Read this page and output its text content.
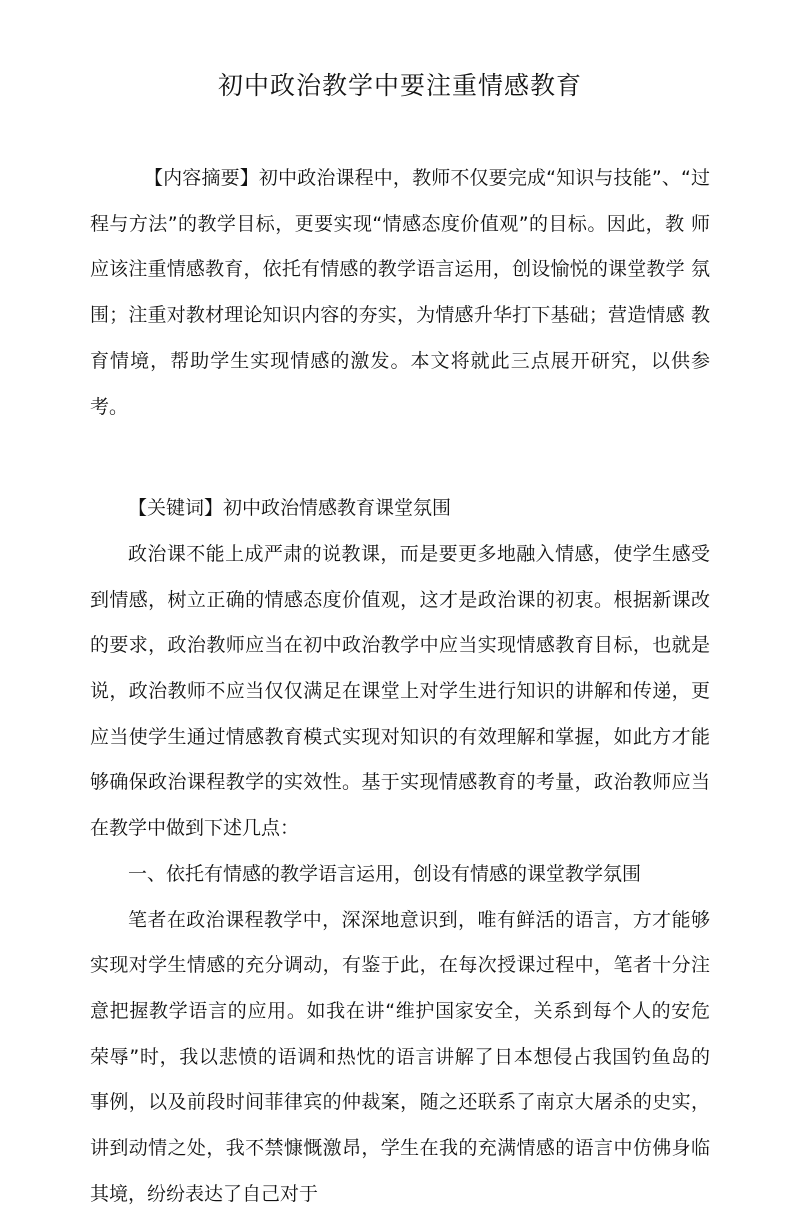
初中政治教学中要注重情感教育

【内容摘要】初中政治课程中，教师不仅要完成“知识与技能”、“过程与方法”的教学目标，更要实现“情感态度价值观”的目标。因此，教 师应该注重情感教育，依托有情感的教学语言运用，创设愉悦的课堂教学 氛围；注重对教材理论知识内容的夯实，为情感升华打下基础；营造情感 教育情境，帮助学生实现情感的激发。本文将就此三点展开研究，以供参 考。

【关键词】初中政治情感教育课堂氛围

政治课不能上成严肃的说教课，而是要更多地融入情感，使学生感受 到情感，树立正确的情感态度价值观，这才是政治课的初衷。根据新课改 的要求，政治教师应当在初中政治教学中应当实现情感教育目标，也就是 说，政治教师不应当仅仅满足在课堂上对学生进行知识的讲解和传递，更 应当使学生通过情感教育模式实现对知识的有效理解和掌握，如此方才能 够确保政治课程教学的实效性。基于实现情感教育的考量，政治教师应当 在教学中做到下述几点：

一、依托有情感的教学语言运用，创设有情感的课堂教学氛围

笔者在政治课程教学中，深深地意识到，唯有鲜活的语言，方才能够 实现对学生情感的充分调动，有鉴于此，在每次授课过程中，笔者十分注 意把握教学语言的应用。如我在讲“维护国家安全，关系到每个人的安危 荣辱”时，我以悲愤的语调和热忱的语言讲解了日本想侵占我国钓鱼岛的 事例，以及前段时间菲律宾的仲裁案，随之还联系了南京大屠杀的史实， 讲到动情之处，我不禁慷慨激昂，学生在我的充满情感的语言中仿佛身临 其境，纷纷表达了自己对于
